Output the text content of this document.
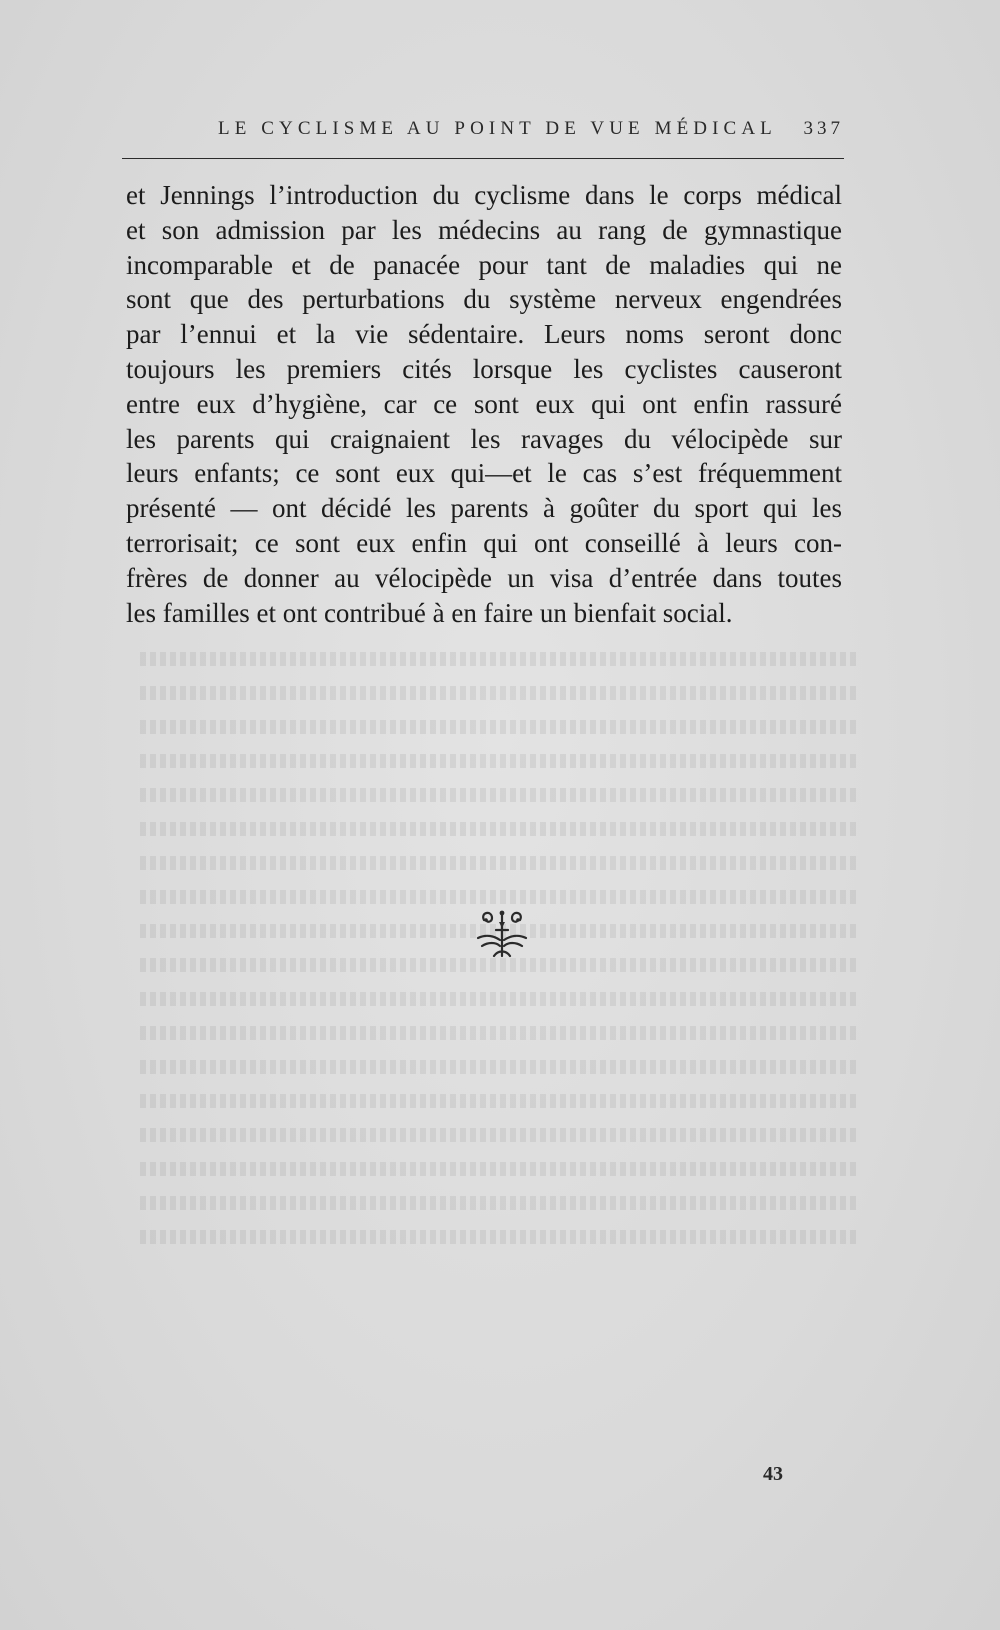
LE CYCLISME AU POINT DE VUE MÉDICAL 337
et Jennings l’introduction du cyclisme dans le corps médical
et son admission par les médecins au rang de gymnastique
incomparable et de panacée pour tant de maladies qui ne
sont que des perturbations du système nerveux engendrées
par l’ennui et la vie sédentaire. Leurs noms seront donc
toujours les premiers cités lorsque les cyclistes causeront
entre eux d’hygiène, car ce sont eux qui ont enfin rassuré
les parents qui craignaient les ravages du vélocipède sur
leurs enfants; ce sont eux qui—et le cas s’est fréquemment
présenté — ont décidé les parents à goûter du sport qui les
terrorisait; ce sont eux enfin qui ont conseillé à leurs con-
frères de donner au vélocipède un visa d’entrée dans toutes
les familles et ont contribué à en faire un bienfait social.
43
